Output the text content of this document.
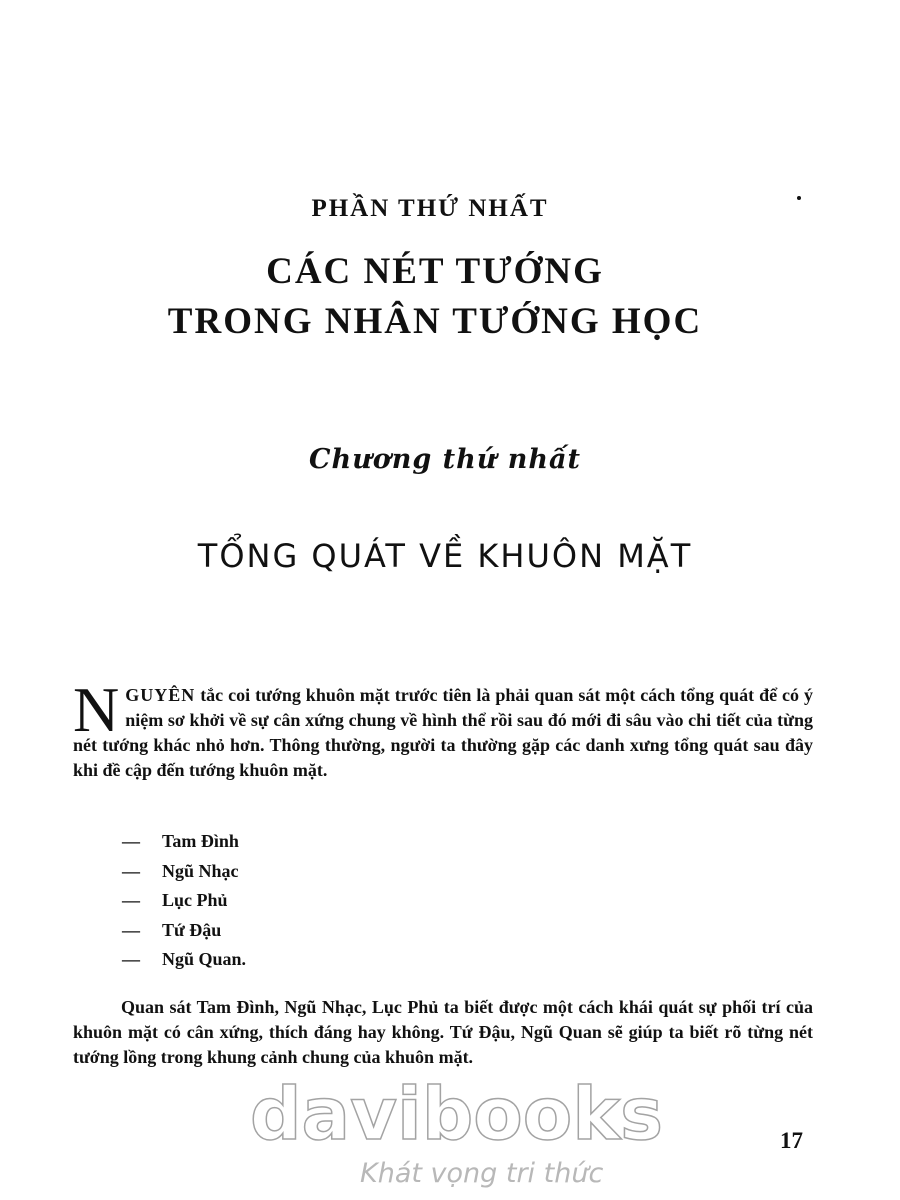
PHẦN THỨ NHẤT
CÁC NÉT TƯỚNG
TRONG NHÂN TƯỚNG HỌC
Chương thứ nhất
TỔNG QUÁT VỀ KHUÔN MẶT
NGUYÊN tắc coi tướng khuôn mặt trước tiên là phải quan sát một cách tổng quát để có ý niệm sơ khởi về sự cân xứng chung về hình thể rồi sau đó mới đi sâu vào chi tiết của từng nét tướng khác nhỏ hơn. Thông thường, người ta thường gặp các danh xưng tổng quát sau đây khi đề cập đến tướng khuôn mặt.
— Tam Đình
— Ngũ Nhạc
— Lục Phủ
— Tứ Đậu
— Ngũ Quan.
Quan sát Tam Đình, Ngũ Nhạc, Lục Phủ ta biết được một cách khái quát sự phối trí của khuôn mặt có cân xứng, thích đáng hay không. Tứ Đậu, Ngũ Quan sẽ giúp ta biết rõ từng nét tướng lồng trong khung cảnh chung của khuôn mặt.
davibooks
Khát vọng tri thức
17
